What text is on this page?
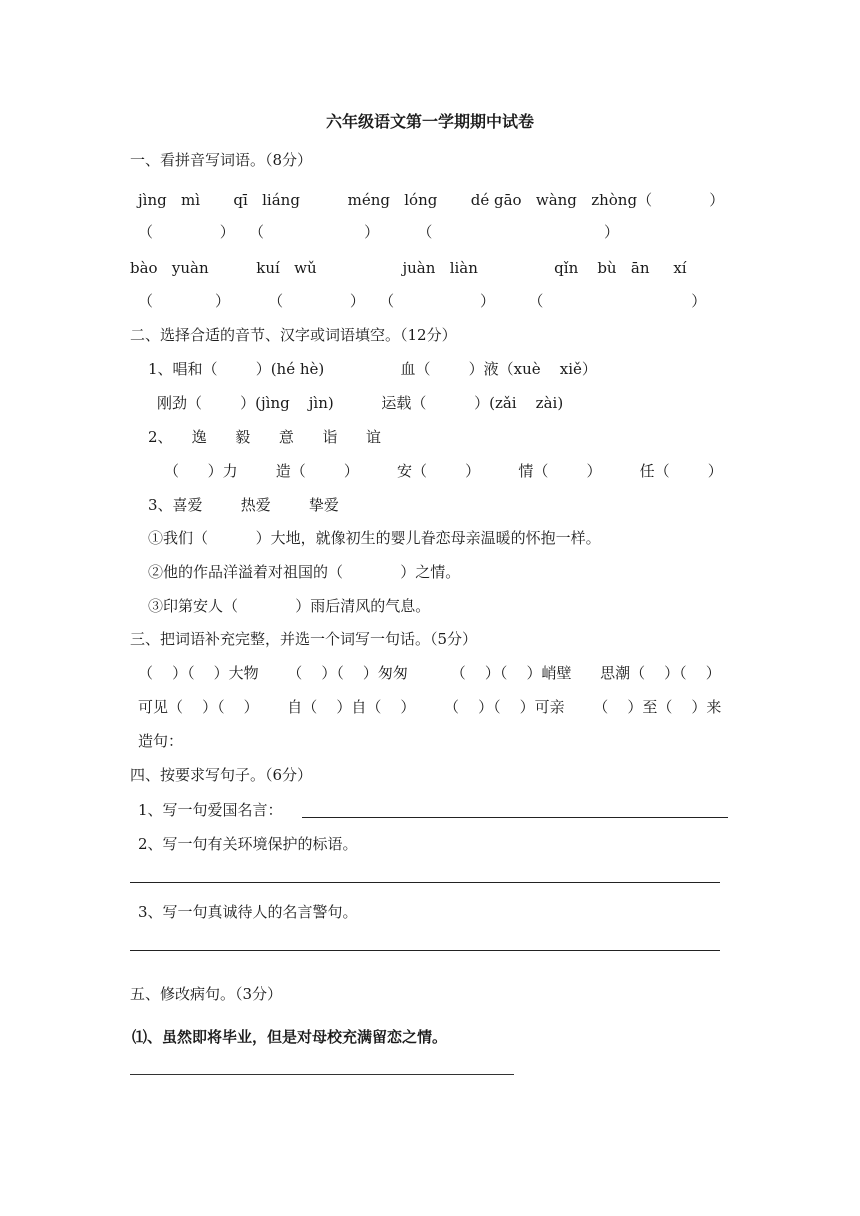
六年级语文第一学期期中试卷
一、看拼音写词语。（8分）
jìng   mì       qī   liáng          méng   lóng       dé gāo   wàng   zhòng（            ）
（              ）   （                     ）        （                                    ）
bào   yuàn          kuí   wǔ                  juàn   liàn                qǐn    bù   ān     xí
（             ）        （              ）   （                  ）       （                               ）
二、选择合适的音节、汉字或词语填空。（12分）
1、唱和（        ）(hé hè)                血（        ）液（xuè    xiě）
刚劲（        ）(jìng    jìn)          运载（          ）(zǎi    zài)
2、    逸      毅      意      诣      谊
（      ）力        造（        ）        安（        ）        情（        ）        任（        ）
3、喜爱        热爱        挚爱
①我们（          ）大地，就像初生的婴儿眷恋母亲温暖的怀抱一样。
②他的作品洋溢着对祖国的（            ）之情。
③印第安人（            ）雨后清风的气息。
三、把词语补充完整，并选一个词写一句话。（5分）
（    ）（    ）大物      （    ）（    ）匆匆         （    ）（    ）峭壁      思潮（    ）（    ）
可见（    ）（    ）      自（    ）自（    ）      （    ）（    ）可亲      （    ）至（    ）来
造句：
四、按要求写句子。（6分）
1、写一句爱国名言：
2、写一句有关环境保护的标语。
3、写一句真诚待人的名言警句。
五、修改病句。（3分）
⑴、虽然即将毕业，但是对母校充满留恋之情。
